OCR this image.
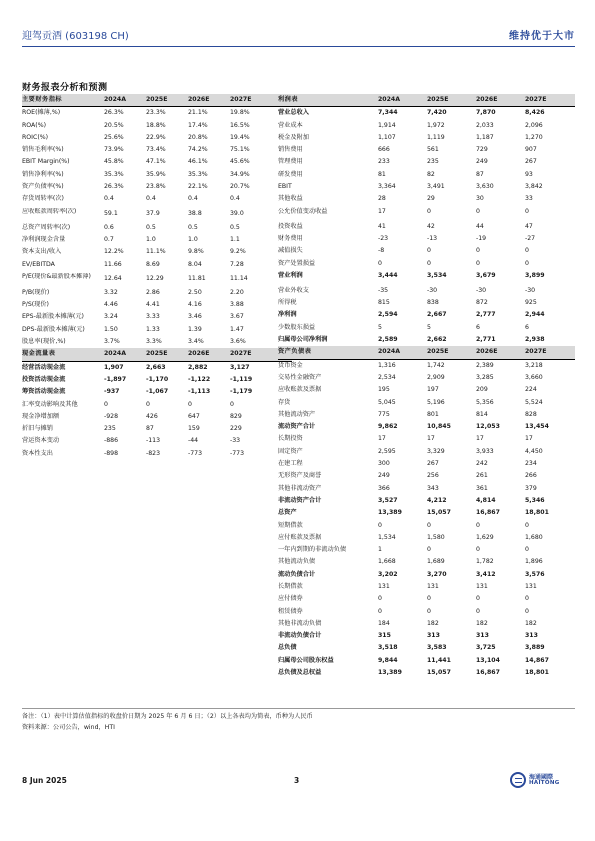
迎驾贡酒 (603198 CH)	维持优于大市
财务报表分析和预测
主要财务指标	2024A	2025E	2026E	2027E
ROE(摊薄,%)	26.3%	23.3%	21.1%	19.8%
ROA(%)	20.5%	18.8%	17.4%	16.5%
ROIC(%)	25.6%	22.9%	20.8%	19.4%
销售毛利率(%)	73.9%	73.4%	74.2%	75.1%
EBIT Margin(%)	45.8%	47.1%	46.1%	45.6%
销售净利率(%)	35.3%	35.9%	35.3%	34.9%
资产负债率(%)	26.3%	23.8%	22.1%	20.7%
存货周转率(次)	0.4	0.4	0.4	0.4
应收账款周转率(次)	59.1	37.9	38.8	39.0
总资产周转率(次)	0.6	0.5	0.5	0.5
净利润现金含量	0.7	1.0	1.0	1.1
资本支出/收入	12.2%	11.1%	9.8%	9.2%
EV/EBITDA	11.66	8.69	8.04	7.28
P/E(现价&最新股本摊薄)	12.64	12.29	11.81	11.14
P/B(现价)	3.32	2.86	2.50	2.20
P/S(现价)	4.46	4.41	4.16	3.88
EPS-最新股本摊薄(元)	3.24	3.33	3.46	3.67
DPS-最新股本摊薄(元)	1.50	1.33	1.39	1.47
股息率(现价,%)	3.7%	3.3%	3.4%	3.6%
现金流量表	2024A	2025E	2026E	2027E
经营活动现金流	1,907	2,663	2,882	3,127
投资活动现金流	-1,897	-1,170	-1,122	-1,119
筹资活动现金流	-937	-1,067	-1,113	-1,179
汇率变动影响及其他	0	0	0	0
现金净增加额	-928	426	647	829
折旧与摊销	235	87	159	229
营运资本变动	-886	-113	-44	-33
资本性支出	-898	-823	-773	-773
利润表	2024A	2025E	2026E	2027E
营业总收入	7,344	7,420	7,870	8,426
营业成本	1,914	1,972	2,033	2,096
税金及附加	1,107	1,119	1,187	1,270
销售费用	666	561	729	907
管理费用	233	235	249	267
研发费用	81	82	87	93
EBIT	3,364	3,491	3,630	3,842
其他收益	28	29	30	33
公允价值变动收益	17	0	0	0
投资收益	41	42	44	47
财务费用	-23	-13	-19	-27
减值损失	-8	0	0	0
资产处置损益	0	0	0	0
营业利润	3,444	3,534	3,679	3,899
营业外收支	-35	-30	-30	-30
所得税	815	838	872	925
净利润	2,594	2,667	2,777	2,944
少数股东损益	5	5	6	6
归属母公司净利润	2,589	2,662	2,771	2,938
资产负债表	2024A	2025E	2026E	2027E
货币资金	1,316	1,742	2,389	3,218
交易性金融资产	2,534	2,909	3,285	3,660
应收账款及票据	195	197	209	224
存货	5,045	5,196	5,356	5,524
其他流动资产	775	801	814	828
流动资产合计	9,862	10,845	12,053	13,454
长期投资	17	17	17	17
固定资产	2,595	3,329	3,933	4,450
在建工程	300	267	242	234
无形资产及商誉	249	256	261	266
其他非流动资产	366	343	361	379
非流动资产合计	3,527	4,212	4,814	5,346
总资产	13,389	15,057	16,867	18,801
短期借款	0	0	0	0
应付账款及票据	1,534	1,580	1,629	1,680
一年内到期的非流动负债	1	0	0	0
其他流动负债	1,668	1,689	1,782	1,896
流动负债合计	3,202	3,270	3,412	3,576
长期借款	131	131	131	131
应付债券	0	0	0	0
租赁债券	0	0	0	0
其他非流动负债	184	182	182	182
非流动负债合计	315	313	313	313
总负债	3,518	3,583	3,725	3,889
归属母公司股东权益	9,844	11,441	13,104	14,867
总负债及总权益	13,389	15,057	16,867	18,801
备注：（1）表中计算估值指标的收盘价日期为 2025 年 6 月 6 日；（2）以上各表均为简表，币种为人民币
资料来源：公司公告，wind，HTI
8 Jun 2025	3	海通國際
HAITONG
